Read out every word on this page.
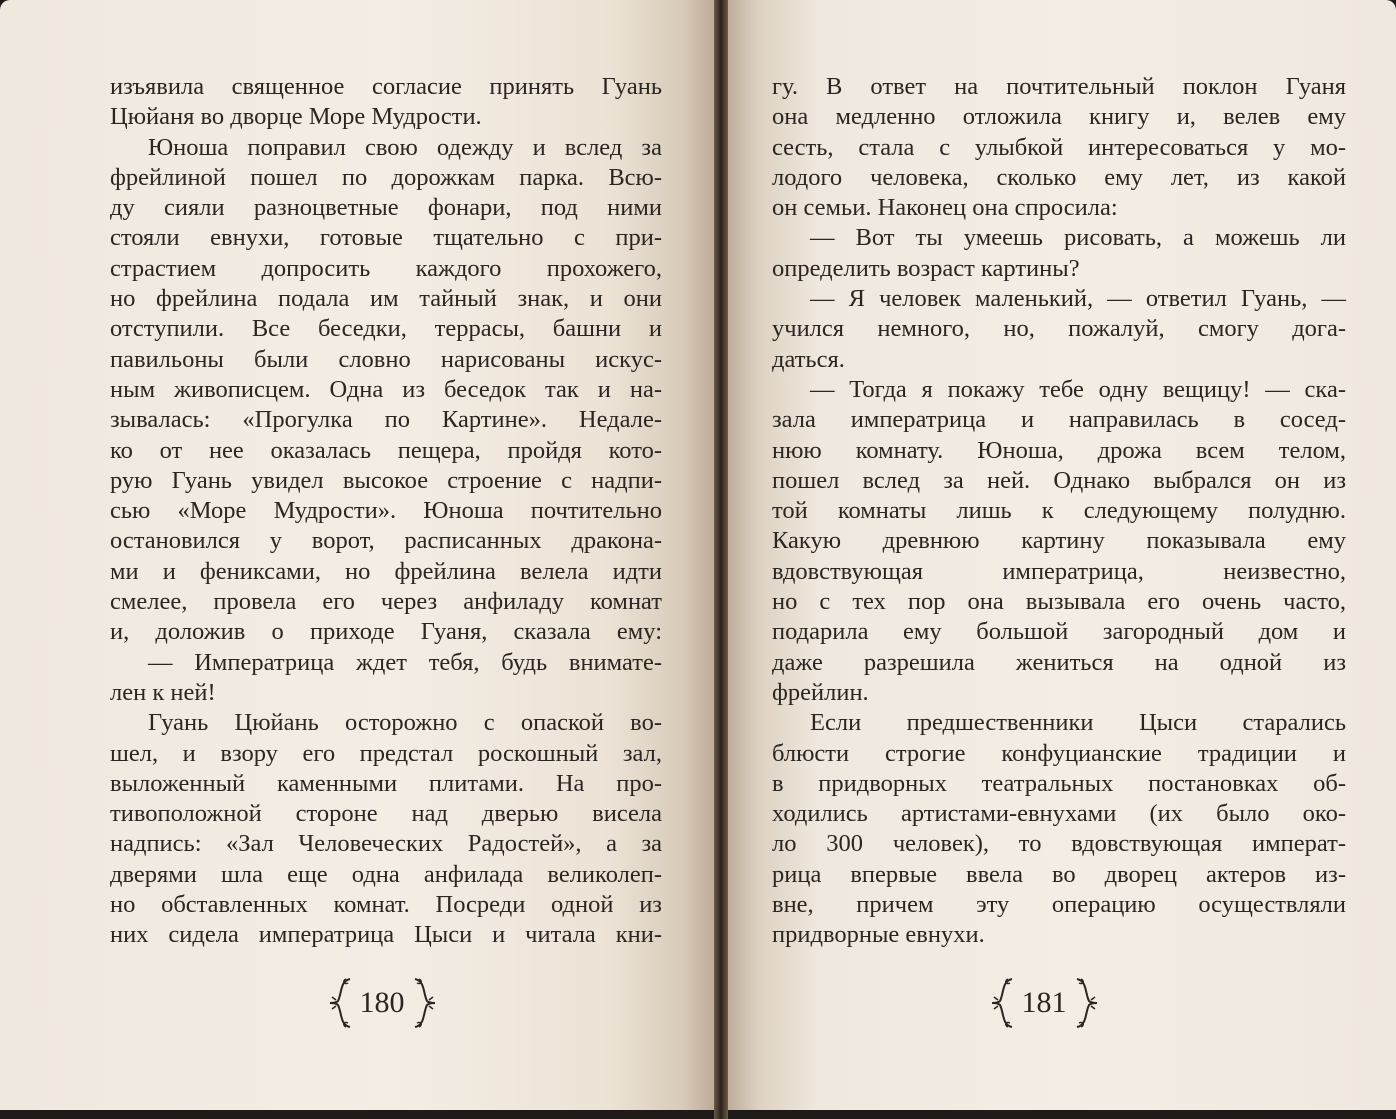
изъявила священное согласие принять Гуань
Цюйаня во дворце Море Мудрости.
Юноша поправил свою одежду и вслед за
фрейлиной пошел по дорожкам парка. Всю-
ду сияли разноцветные фонари, под ними
стояли евнухи, готовые тщательно с при-
страстием допросить каждого прохожего,
но фрейлина подала им тайный знак, и они
отступили. Все беседки, террасы, башни и
павильоны были словно нарисованы искус-
ным живописцем. Одна из беседок так и на-
зывалась: «Прогулка по Картине». Недале-
ко от нее оказалась пещера, пройдя кото-
рую Гуань увидел высокое строение с надпи-
сью «Море Мудрости». Юноша почтительно
остановился у ворот, расписанных дракона-
ми и фениксами, но фрейлина велела идти
смелее, провела его через анфиладу комнат
и, доложив о приходе Гуаня, сказала ему:
— Императрица ждет тебя, будь внимате-
лен к ней!
Гуань Цюйань осторожно с опаской во-
шел, и взору его предстал роскошный зал,
выложенный каменными плитами. На про-
тивоположной стороне над дверью висела
надпись: «Зал Человеческих Радостей», а за
дверями шла еще одна анфилада великолеп-
но обставленных комнат. Посреди одной из
них сидела императрица Цыси и читала кни-
гу. В ответ на почтительный поклон Гуаня
она медленно отложила книгу и, велев ему
сесть, стала с улыбкой интересоваться у мо-
лодого человека, сколько ему лет, из какой
он семьи. Наконец она спросила:
— Вот ты умеешь рисовать, а можешь ли
определить возраст картины?
— Я человек маленький, — ответил Гуань, —
учился немного, но, пожалуй, смогу дога-
даться.
— Тогда я покажу тебе одну вещицу! — ска-
зала императрица и направилась в сосед-
нюю комнату. Юноша, дрожа всем телом,
пошел вслед за ней. Однако выбрался он из
той комнаты лишь к следующему полудню.
Какую древнюю картину показывала ему
вдовствующая императрица, неизвестно,
но с тех пор она вызывала его очень часто,
подарила ему большой загородный дом и
даже разрешила жениться на одной из
фрейлин.
Если предшественники Цыси старались
блюсти строгие конфуцианские традиции и
в придворных театральных постановках об-
ходились артистами-евнухами (их было око-
ло 300 человек), то вдовствующая императ-
рица впервые ввела во дворец актеров из-
вне, причем эту операцию осуществляли
придворные евнухи.
180	181
